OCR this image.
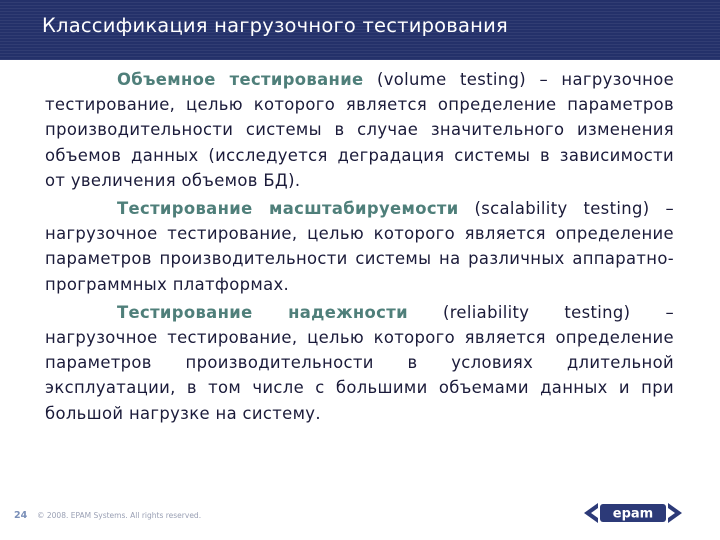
Классификация нагрузочного тестирования

Объемное тестирование (volume testing) – нагрузочное тестирование, целью которого является определение параметров производительности системы в случае значительного изменения объемов данных (исследуется деградация системы в зависимости от увеличения объемов БД).

Тестирование масштабируемости (scalability testing) – нагрузочное тестирование, целью которого является определение параметров производительности системы на различных аппаратно-программных платформах.

Тестирование надежности (reliability testing) – нагрузочное тестирование, целью которого является определение параметров производительности в условиях длительной эксплуатации, в том числе с большими объемами данных и при большой нагрузке на систему.

24 © 2008. EPAM Systems. All rights reserved.	epam
